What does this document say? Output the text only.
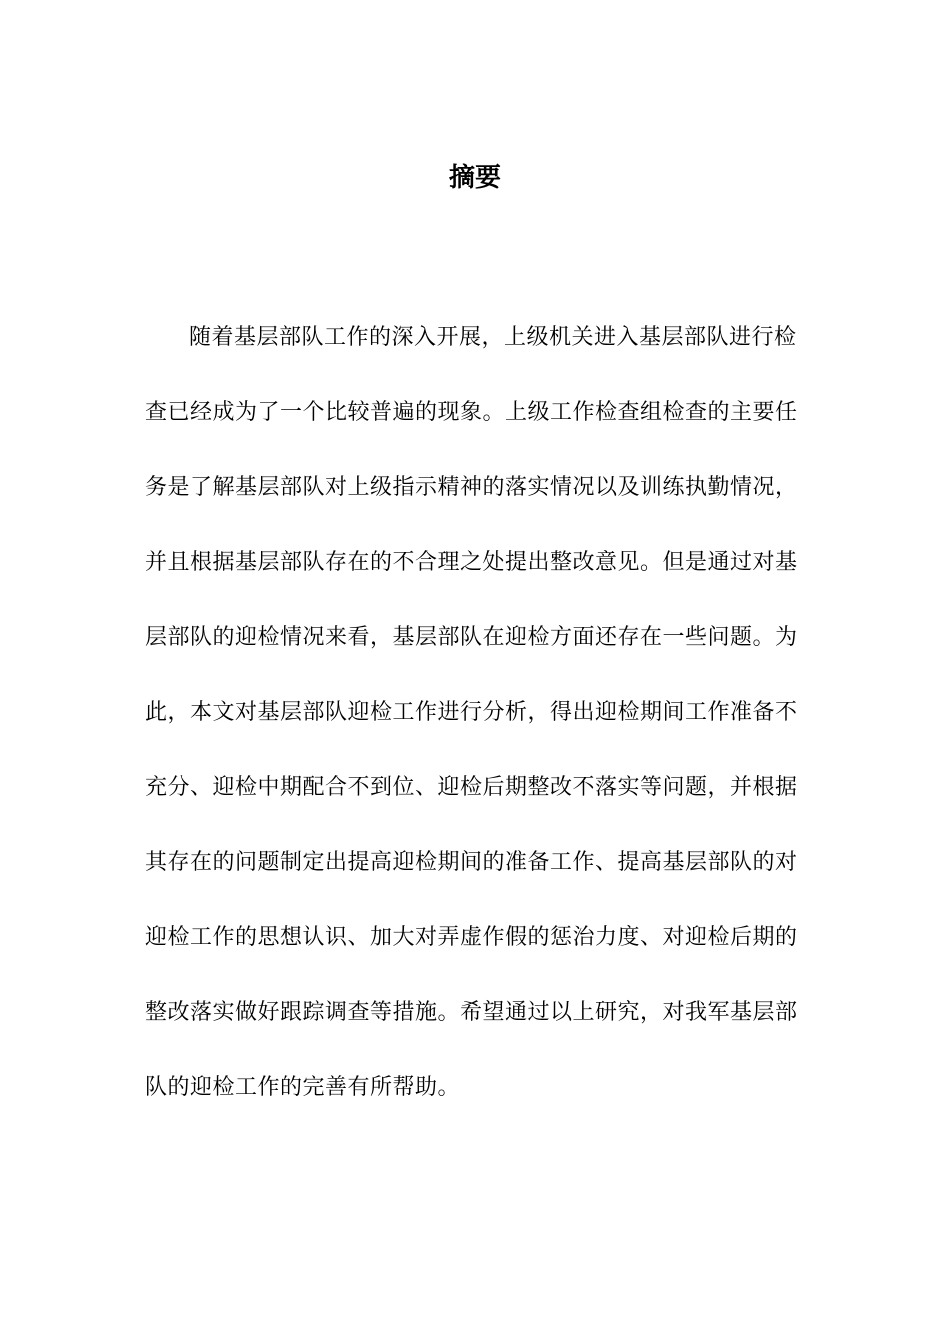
摘要
随着基层部队工作的深入开展，上级机关进入基层部队进行检
查已经成为了一个比较普遍的现象。上级工作检查组检查的主要任
务是了解基层部队对上级指示精神的落实情况以及训练执勤情况，
并且根据基层部队存在的不合理之处提出整改意见。但是通过对基
层部队的迎检情况来看，基层部队在迎检方面还存在一些问题。为
此，本文对基层部队迎检工作进行分析，得出迎检期间工作准备不
充分、迎检中期配合不到位、迎检后期整改不落实等问题，并根据
其存在的问题制定出提高迎检期间的准备工作、提高基层部队的对
迎检工作的思想认识、加大对弄虚作假的惩治力度、对迎检后期的
整改落实做好跟踪调查等措施。希望通过以上研究，对我军基层部
队的迎检工作的完善有所帮助。
